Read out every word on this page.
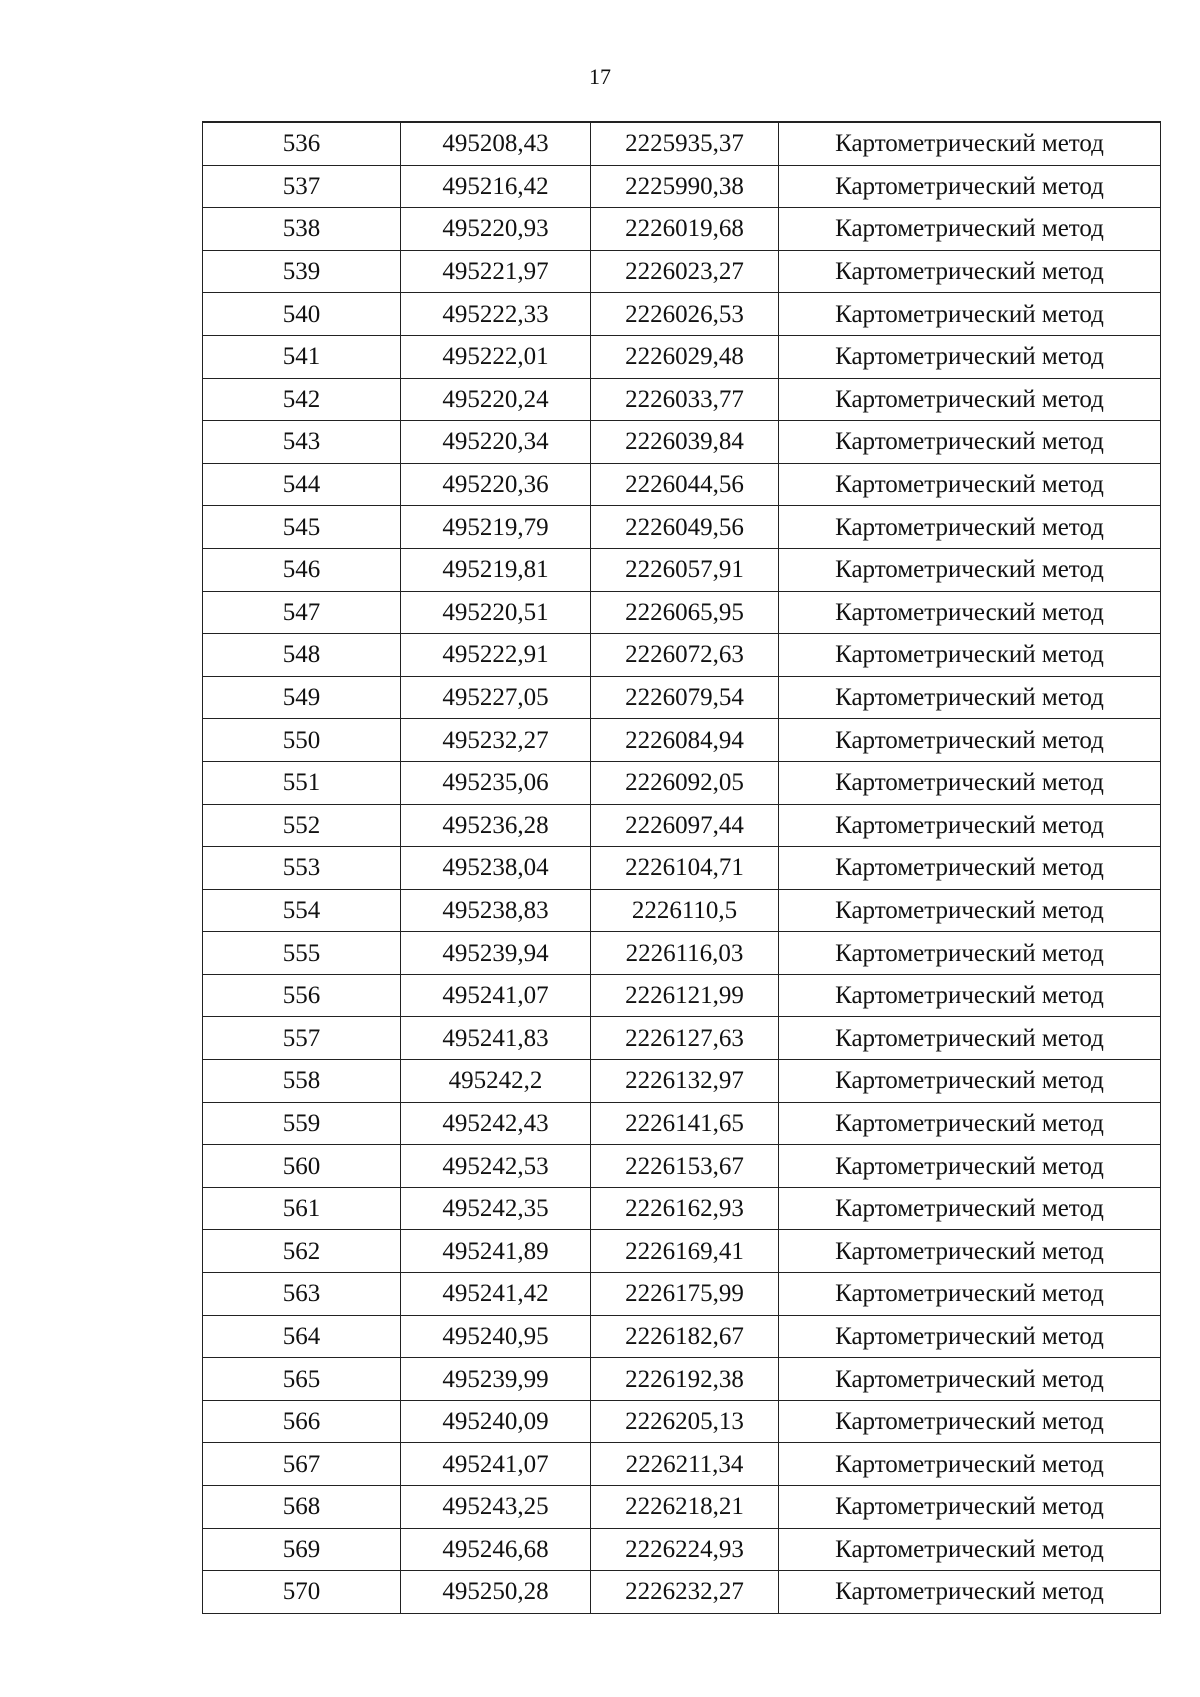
17
536	495208,43	2225935,37	Картометрический метод
537	495216,42	2225990,38	Картометрический метод
538	495220,93	2226019,68	Картометрический метод
539	495221,97	2226023,27	Картометрический метод
540	495222,33	2226026,53	Картометрический метод
541	495222,01	2226029,48	Картометрический метод
542	495220,24	2226033,77	Картометрический метод
543	495220,34	2226039,84	Картометрический метод
544	495220,36	2226044,56	Картометрический метод
545	495219,79	2226049,56	Картометрический метод
546	495219,81	2226057,91	Картометрический метод
547	495220,51	2226065,95	Картометрический метод
548	495222,91	2226072,63	Картометрический метод
549	495227,05	2226079,54	Картометрический метод
550	495232,27	2226084,94	Картометрический метод
551	495235,06	2226092,05	Картометрический метод
552	495236,28	2226097,44	Картометрический метод
553	495238,04	2226104,71	Картометрический метод
554	495238,83	2226110,5	Картометрический метод
555	495239,94	2226116,03	Картометрический метод
556	495241,07	2226121,99	Картометрический метод
557	495241,83	2226127,63	Картометрический метод
558	495242,2	2226132,97	Картометрический метод
559	495242,43	2226141,65	Картометрический метод
560	495242,53	2226153,67	Картометрический метод
561	495242,35	2226162,93	Картометрический метод
562	495241,89	2226169,41	Картометрический метод
563	495241,42	2226175,99	Картометрический метод
564	495240,95	2226182,67	Картометрический метод
565	495239,99	2226192,38	Картометрический метод
566	495240,09	2226205,13	Картометрический метод
567	495241,07	2226211,34	Картометрический метод
568	495243,25	2226218,21	Картометрический метод
569	495246,68	2226224,93	Картометрический метод
570	495250,28	2226232,27	Картометрический метод
